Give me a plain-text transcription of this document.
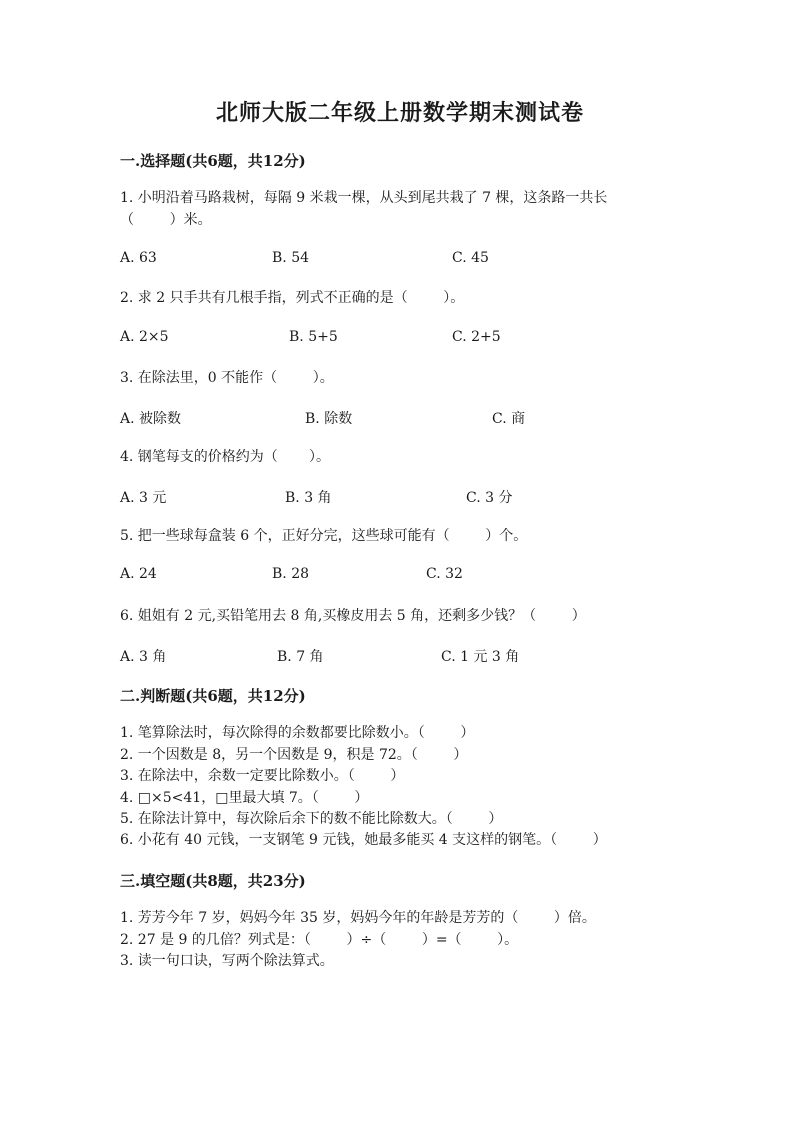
北师大版二年级上册数学期末测试卷
一.选择题(共6题，共12分)
1. 小明沿着马路栽树，每隔 9 米栽一棵，从头到尾共栽了 7 棵，这条路一共长
（        ）米。
A. 63	B. 54	C. 45
2. 求 2 只手共有几根手指，列式不正确的是（        ）。
A. 2×5	B. 5+5	C. 2+5
3. 在除法里，0 不能作（        ）。
A. 被除数	B. 除数	C. 商
4. 钢笔每支的价格约为（       ）。
A. 3 元	B. 3 角	C. 3 分
5. 把一些球每盒装 6 个，正好分完，这些球可能有（        ）个。
A. 24	B. 28	C. 32
6. 姐姐有 2 元,买铅笔用去 8 角,买橡皮用去 5 角，还剩多少钱？（        ）
A. 3 角	B. 7 角	C. 1 元 3 角
二.判断题(共6题，共12分)
1. 笔算除法时，每次除得的余数都要比除数小。（        ）
2. 一个因数是 8，另一个因数是 9，积是 72。（        ）
3. 在除法中，余数一定要比除数小。（        ）
4. □×5<41，□里最大填 7。（        ）
5. 在除法计算中，每次除后余下的数不能比除数大。（        ）
6. 小花有 40 元钱，一支钢笔 9 元钱，她最多能买 4 支这样的钢笔。（        ）
三.填空题(共8题，共23分)
1. 芳芳今年 7 岁，妈妈今年 35 岁，妈妈今年的年龄是芳芳的（        ）倍。
2. 27 是 9 的几倍？列式是：（        ）÷（        ）=（        ）。
3. 读一句口诀，写两个除法算式。
